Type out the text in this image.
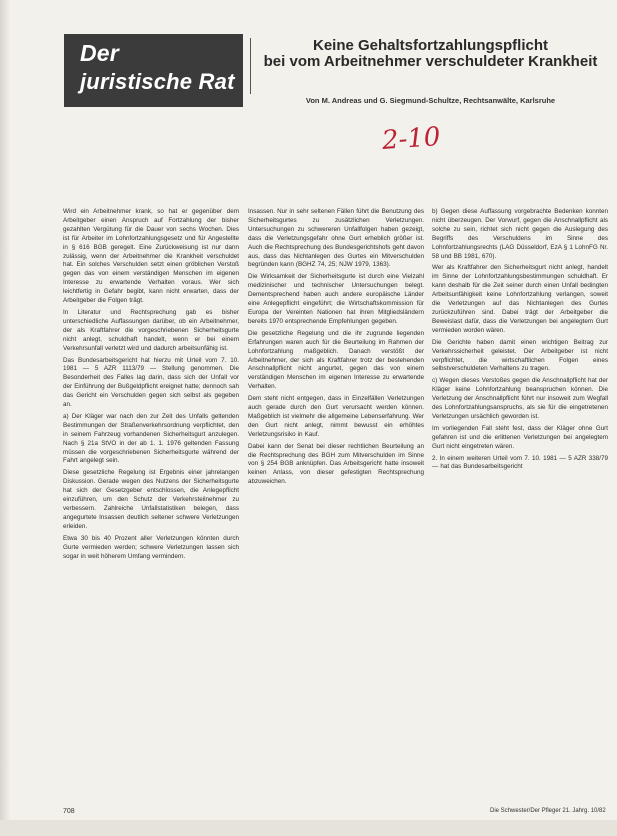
Der
juristische Rat
Keine Gehaltsfortzahlungspflicht
bei vom Arbeitnehmer verschuldeter Krankheit
Von M. Andreas und G. Siegmund-Schultze, Rechtsanwälte, Karlsruhe
2-10

Wird ein Arbeitnehmer krank, so hat er gegenüber dem Arbeitgeber einen Anspruch auf Fortzahlung der bisher gezahlten Vergütung für die Dauer von sechs Wochen. Dies ist für Arbeiter im Lohnfortzahlungsgesetz und für Angestellte in § 616 BGB geregelt. Eine Zurückweisung ist nur dann zulässig, wenn der Arbeitnehmer die Krankheit verschuldet hat. Ein solches Verschulden setzt einen gröblichen Verstoß gegen das von einem verständigen Menschen im eigenen Interesse zu erwartende Verhalten voraus. Wer sich leichtfertig in Gefahr begibt, kann nicht erwarten, dass der Arbeitgeber die Folgen trägt.

In Literatur und Rechtsprechung gab es bisher unterschiedliche Auffassungen darüber, ob ein Arbeitnehmer, der als Kraftfahrer die vorgeschriebenen Sicherheitsgurte nicht anlegt, schuldhaft handelt, wenn er bei einem Verkehrsunfall verletzt wird und dadurch arbeitsunfähig ist.

Das Bundesarbeitsgericht hat hierzu mit Urteil vom 7. 10. 1981 — 5 AZR 1113/79 — Stellung genommen. Die Besonderheit des Falles lag darin, dass sich der Unfall vor der Einführung der Bußgeldpflicht ereignet hatte; dennoch sah das Gericht ein Verschulden gegen sich selbst als gegeben an.

a) Der Kläger war nach den zur Zeit des Unfalls geltenden Bestimmungen der Straßenverkehrsordnung verpflichtet, den in seinem Fahrzeug vorhandenen Sicherheitsgurt anzulegen. Nach § 21a StVO in der ab 1. 1. 1976 geltenden Fassung müssen die vorgeschriebenen Sicherheitsgurte während der Fahrt angelegt sein.

Diese gesetzliche Regelung ist Ergebnis einer jahrelangen Diskussion. Gerade wegen des Nutzens der Sicherheitsgurte hat sich der Gesetzgeber entschlossen, die Anlegepflicht einzuführen, um den Schutz der Verkehrsteilnehmer zu verbessern. Zahlreiche Unfallstatistiken belegen, dass angegurtete Insassen deutlich seltener schwere Verletzungen erleiden.

Etwa 30 bis 40 Prozent aller Verletzungen könnten durch Gurte vermieden werden; schwere Verletzungen lassen sich sogar in weit höherem Umfang vermindern.

Insassen. Nur in sehr seltenen Fällen führt die Benutzung des Sicherheitsgurtes zu zusätzlichen Verletzungen. Untersuchungen zu schwereren Unfallfolgen haben gezeigt, dass die Verletzungsgefahr ohne Gurt erheblich größer ist. Auch die Rechtsprechung des Bundesgerichtshofs geht davon aus, dass das Nichtanlegen des Gurtes ein Mitverschulden begründen kann (BGHZ 74, 25; NJW 1979, 1363).

Die Wirksamkeit der Sicherheitsgurte ist durch eine Vielzahl medizinischer und technischer Untersuchungen belegt. Dementsprechend haben auch andere europäische Länder eine Anlegepflicht eingeführt; die Wirtschaftskommission für Europa der Vereinten Nationen hat ihren Mitgliedsländern bereits 1970 entsprechende Empfehlungen gegeben.

Die gesetzliche Regelung und die ihr zugrunde liegenden Erfahrungen waren auch für die Beurteilung im Rahmen der Lohnfortzahlung maßgeblich. Danach verstößt der Arbeitnehmer, der sich als Kraftfahrer trotz der bestehenden Anschnallpflicht nicht angurtet, gegen das von einem verständigen Menschen im eigenen Interesse zu erwartende Verhalten.

Dem steht nicht entgegen, dass in Einzelfällen Verletzungen auch gerade durch den Gurt verursacht werden können. Maßgeblich ist vielmehr die allgemeine Lebenserfahrung. Wer den Gurt nicht anlegt, nimmt bewusst ein erhöhtes Verletzungsrisiko in Kauf.

Dabei kann der Senat bei dieser rechtlichen Beurteilung an die Rechtsprechung des BGH zum Mitverschulden im Sinne von § 254 BGB anknüpfen. Das Arbeitsgericht hatte insoweit keinen Anlass, von dieser gefestigten Rechtsprechung abzuweichen.

b) Gegen diese Auffassung vorgebrachte Bedenken konnten nicht überzeugen. Der Vorwurf, gegen die Anschnallpflicht als solche zu sein, richtet sich nicht gegen die Auslegung des Begriffs des Verschuldens im Sinne des Lohnfortzahlungsrechts (LAG Düsseldorf, EzA § 1 LohnFG Nr. 58 und BB 1981, 670).

Wer als Kraftfahrer den Sicherheitsgurt nicht anlegt, handelt im Sinne der Lohnfortzahlungsbestimmungen schuldhaft. Er kann deshalb für die Zeit seiner durch einen Unfall bedingten Arbeitsunfähigkeit keine Lohnfortzahlung verlangen, soweit die Verletzungen auf das Nichtanlegen des Gurtes zurückzuführen sind. Dabei trägt der Arbeitgeber die Beweislast dafür, dass die Verletzungen bei angelegtem Gurt vermieden worden wären.

Die Gerichte haben damit einen wichtigen Beitrag zur Verkehrssicherheit geleistet. Der Arbeitgeber ist nicht verpflichtet, die wirtschaftlichen Folgen eines selbstverschuldeten Verhaltens zu tragen.

c) Wegen dieses Verstoßes gegen die Anschnallpflicht hat der Kläger keine Lohnfortzahlung beanspruchen können. Die Verletzung der Anschnallpflicht führt nur insoweit zum Wegfall des Lohnfortzahlungsanspruchs, als sie für die eingetretenen Verletzungen ursächlich geworden ist.

Im vorliegenden Fall steht fest, dass der Kläger ohne Gurt gefahren ist und die erlittenen Verletzungen bei angelegtem Gurt nicht eingetreten wären.

2. In einem weiteren Urteil vom 7. 10. 1981 — 5 AZR 338/79 — hat das Bundesarbeitsgericht

708	Die Schwester/Der Pfleger 21. Jahrg. 10/82
